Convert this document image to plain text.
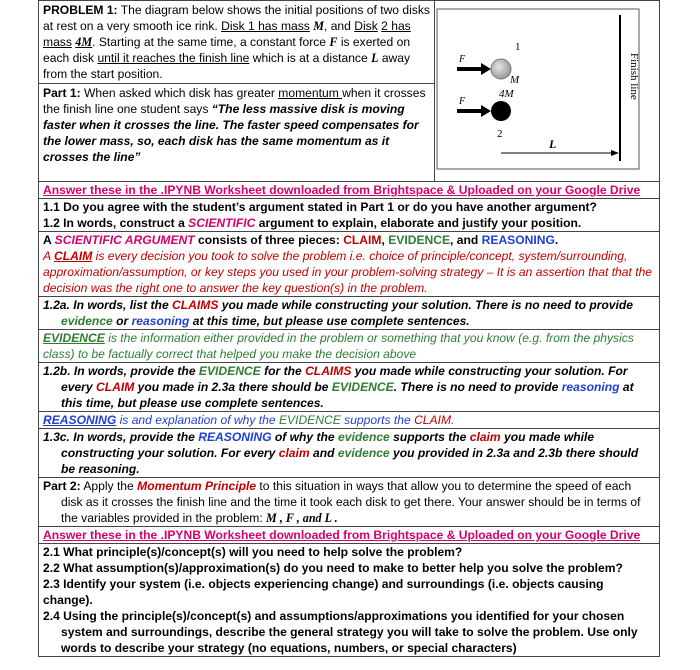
PROBLEM 1: The diagram below shows the initial positions of two disks at rest on a very smooth ice rink. Disk 1 has mass M, and Disk 2 has mass 4M. Starting at the same time, a constant force F is exerted on each disk until it reaches the finish line which is at a distance L away from the start position.
Part 1: When asked which disk has greater momentum when it crosses the finish line one student says “The less massive disk is moving faster when it crosses the line. The faster speed compensates for the lower mass, so, each disk has the same momentum as it crosses the line”
Finish line
F
1
M
F
4M
2
L
Answer these in the .IPYNB Worksheet downloaded from Brightspace & Uploaded on your Google Drive
1.1 Do you agree with the student’s argument stated in Part 1 or do you have another argument?
1.2 In words, construct a SCIENTIFIC argument to explain, elaborate and justify your position.
A SCIENTIFIC ARGUMENT consists of three pieces: CLAIM, EVIDENCE, and REASONING.
A CLAIM is every decision you took to solve the problem i.e. choice of principle/concept, system/surrounding, approximation/assumption, or key steps you used in your problem-solving strategy – It is an assertion that that the decision was the right one to answer the key question(s) in the problem.
1.2a. In words, list the CLAIMS you made while constructing your solution. There is no need to provide evidence or reasoning at this time, but please use complete sentences.
EVIDENCE is the information either provided in the problem or something that you know (e.g. from the physics class) to be factually correct that helped you make the decision above
1.2b. In words, provide the EVIDENCE for the CLAIMS you made while constructing your solution. For every CLAIM you made in 2.3a there should be EVIDENCE. There is no need to provide reasoning at this time, but please use complete sentences.
REASONING is and explanation of why the EVIDENCE supports the CLAIM.
1.3c. In words, provide the REASONING of why the evidence supports the claim you made while constructing your solution. For every claim and evidence you provided in 2.3a and 2.3b there should be reasoning.
Part 2: Apply the Momentum Principle to this situation in ways that allow you to determine the speed of each disk as it crosses the finish line and the time it took each disk to get there. Your answer should be in terms of the variables provided in the problem: M , F , and L .
Answer these in the .IPYNB Worksheet downloaded from Brightspace & Uploaded on your Google Drive
2.1 What principle(s)/concept(s) will you need to help solve the problem?
2.2 What assumption(s)/approximation(s) do you need to make to better help you solve the problem?
2.3 Identify your system (i.e. objects experiencing change) and surroundings (i.e. objects causing change).
2.4 Using the principle(s)/concept(s) and assumptions/approximations you identified for your chosen system and surroundings, describe the general strategy you will take to solve the problem. Use only words to describe your strategy (no equations, numbers, or special characters)
